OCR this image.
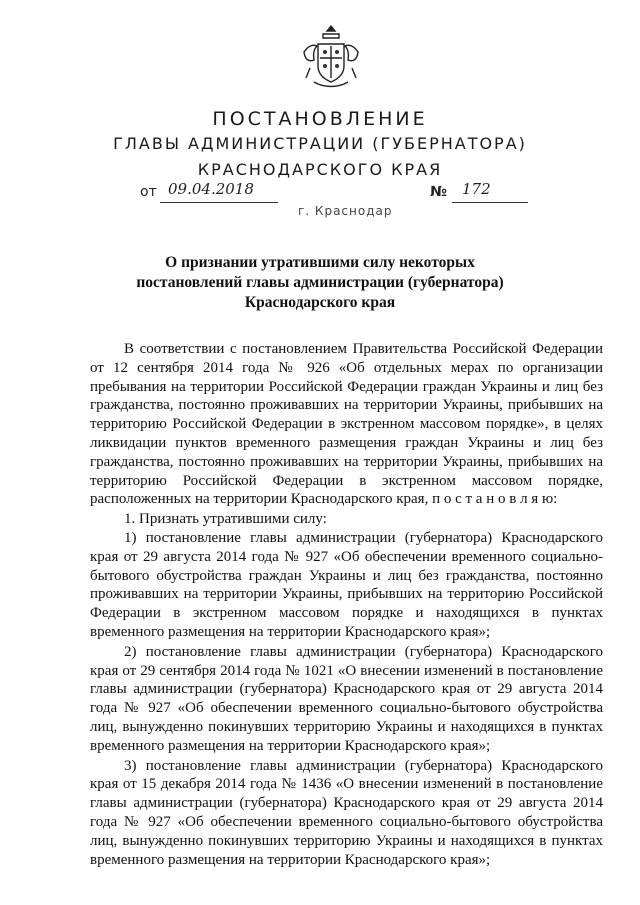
ПОСТАНОВЛЕНИЕ
ГЛАВЫ АДМИНИСТРАЦИИ (ГУБЕРНАТОРА)
КРАСНОДАРСКОГО КРАЯ
от 09.04.2018	№ 172
г. Краснодар
О признании утратившими силу некоторых
постановлений главы администрации (губернатора)
Краснодарского края

В соответствии с постановлением Правительства Российской Федерации от 12 сентября 2014 года № 926 «Об отдельных мерах по организации пребывания на территории Российской Федерации граждан Украины и лиц без гражданства, постоянно проживавших на территории Украины, прибывших на территорию Российской Федерации в экстренном массовом порядке», в целях ликвидации пунктов временного размещения граждан Украины и лиц без гражданства, постоянно проживавших на территории Украины, прибывших на территорию Российской Федерации в экстренном массовом порядке, расположенных на территории Краснодарского края, п о с т а н о в л я ю:

1. Признать утратившими силу:

1) постановление главы администрации (губернатора) Краснодарского края от 29 августа 2014 года № 927 «Об обеспечении временного социально-бытового обустройства граждан Украины и лиц без гражданства, постоянно проживавших на территории Украины, прибывших на территорию Российской Федерации в экстренном массовом порядке и находящихся в пунктах временного размещения на территории Краснодарского края»;

2) постановление главы администрации (губернатора) Краснодарского края от 29 сентября 2014 года № 1021 «О внесении изменений в постановление главы администрации (губернатора) Краснодарского края от 29 августа 2014 года № 927 «Об обеспечении временного социально-бытового обустройства лиц, вынужденно покинувших территорию Украины и находящихся в пунктах временного размещения на территории Краснодарского края»;

3) постановление главы администрации (губернатора) Краснодарского края от 15 декабря 2014 года № 1436 «О внесении изменений в постановление главы администрации (губернатора) Краснодарского края от 29 августа 2014 года № 927 «Об обеспечении временного социально-бытового обустройства лиц, вынужденно покинувших территорию Украины и находящихся в пунктах временного размещения на территории Краснодарского края»;
